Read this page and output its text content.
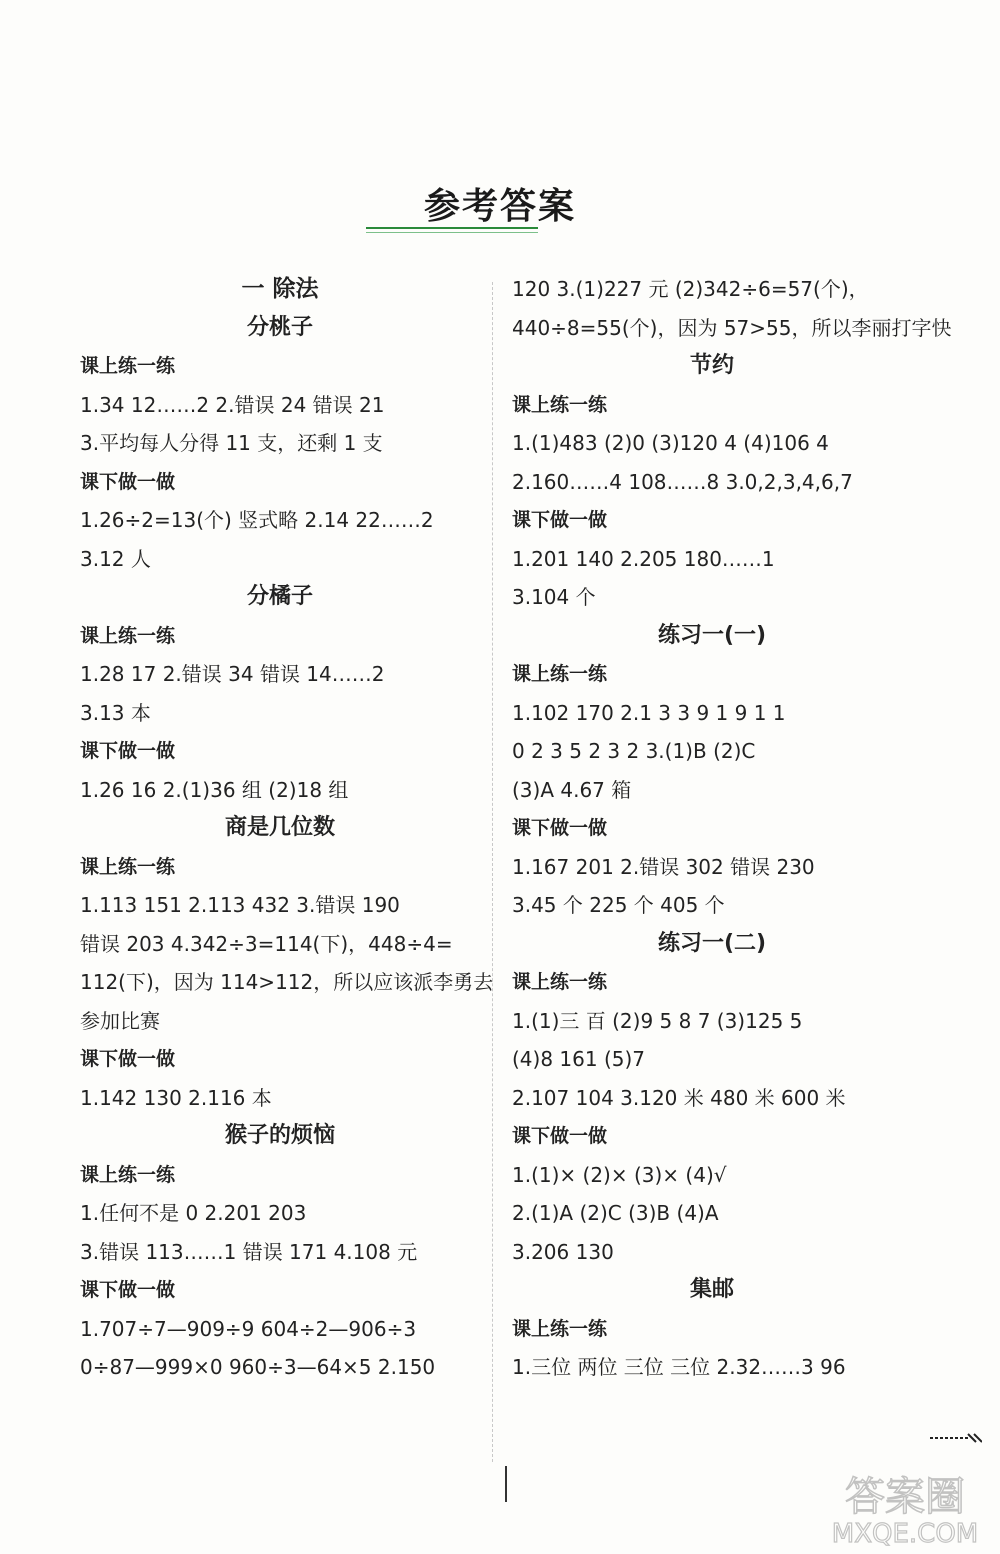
参考答案
一 除法
分桃子
课上练一练
1.34 12……2 2.错误 24 错误 21
3.平均每人分得 11 支，还剩 1 支
课下做一做
1.26÷2=13(个) 竖式略 2.14 22……2
3.12 人
分橘子
课上练一练
1.28 17 2.错误 34 错误 14……2
3.13 本
课下做一做
1.26 16 2.(1)36 组 (2)18 组
商是几位数
课上练一练
1.113 151 2.113 432 3.错误 190
错误 203 4.342÷3=114(下)，448÷4=
112(下)，因为 114>112，所以应该派李勇去
参加比赛
课下做一做
1.142 130 2.116 本
猴子的烦恼
课上练一练
1.任何不是 0 2.201 203
3.错误 113……1 错误 171 4.108 元
课下做一做
1.707÷7—909÷9 604÷2—906÷3
0÷87—999×0 960÷3—64×5 2.150
120 3.(1)227 元 (2)342÷6=57(个)，
440÷8=55(个)，因为 57>55，所以李丽打字快
节约
课上练一练
1.(1)483 (2)0 (3)120 4 (4)106 4
2.160……4 108……8 3.0,2,3,4,6,7
课下做一做
1.201 140 2.205 180……1
3.104 个
练习一(一)
课上练一练
1.102 170 2.1 3 3 9 1 9 1 1
0 2 3 5 2 3 2 3.(1)B (2)C
(3)A 4.67 箱
课下做一做
1.167 201 2.错误 302 错误 230
3.45 个 225 个 405 个
练习一(二)
课上练一练
1.(1)三 百 (2)9 5 8 7 (3)125 5
(4)8 161 (5)7
2.107 104 3.120 米 480 米 600 米
课下做一做
1.(1)× (2)× (3)× (4)√
2.(1)A (2)C (3)B (4)A
3.206 130
集邮
课上练一练
1.三位 两位 三位 三位 2.32……3 96
答案圈
MXQE.COM
